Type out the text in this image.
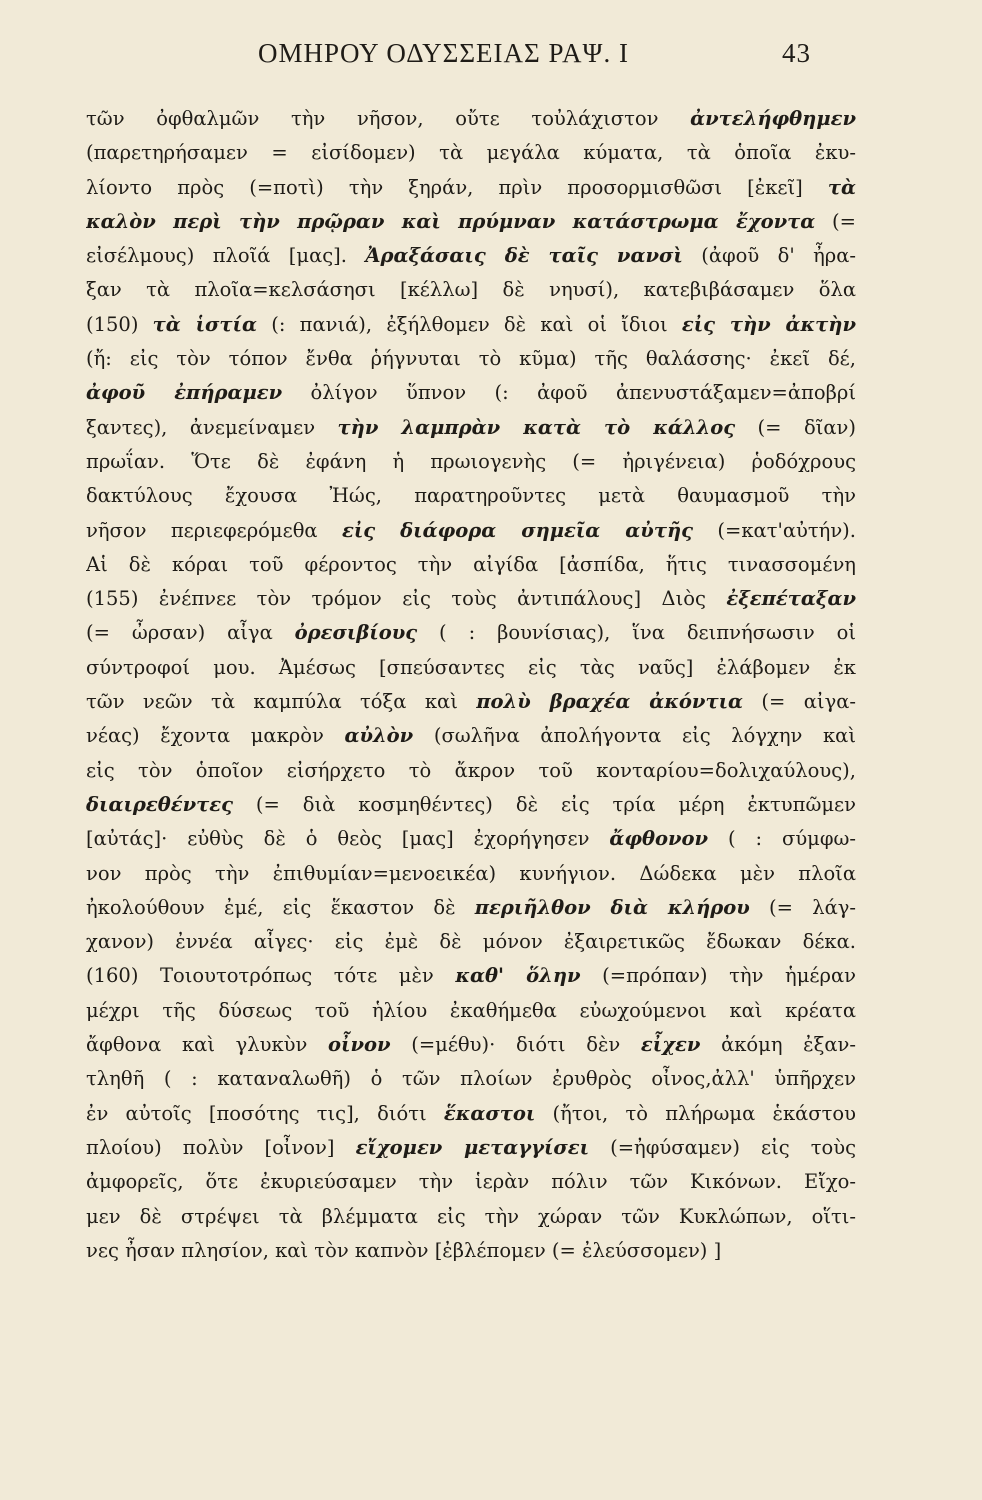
ΟΜΗΡΟΥ ΟΔΥΣΣΕΙΑΣ ΡΑΨ. Ι	43
τῶν ὀφθαλμῶν τὴν νῆσον, οὔτε τοὐλάχιστον ἀντελήφθημεν
(παρετηρήσαμεν = εἰσίδομεν) τὰ μεγάλα κύματα, τὰ ὁποῖα ἐκυ-
λίοντο πρὸς (=ποτὶ) τὴν ξηράν, πρὶν προσορμισθῶσι [ἐκεῖ] τὰ
καλὸν περὶ τὴν πρῷραν καὶ πρύμναν κατάστρωμα ἔχοντα (=
εἰσέλμους) πλοῖά [μας]. Ἀραξάσαις δὲ ταῖς νανσὶ (ἀφοῦ δ' ἦρα-
ξαν τὰ πλοῖα=κελσάσησι [κέλλω] δὲ νηυσί), κατεβιβάσαμεν ὅλα
(150) τὰ ἱστία (: πανιά), ἐξήλθομεν δὲ καὶ οἱ ἴδιοι εἰς τὴν ἀκτὴν
(ἤ: εἰς τὸν τόπον ἔνθα ῥήγνυται τὸ κῦμα) τῆς θαλάσσης· ἐκεῖ δέ,
ἀφοῦ ἐπήραμεν ὀλίγον ὕπνον (: ἀφοῦ ἀπενυστάξαμεν=ἀποβρί
ξαντες), ἀνεμείναμεν τὴν λαμπρὰν κατὰ τὸ κάλλος (= δῖαν)
πρωΐαν. Ὅτε δὲ ἐφάνη ἡ πρωιογενὴς (= ἠριγένεια) ῥοδόχρους
δακτύλους ἔχουσα Ἠώς, παρατηροῦντες μετὰ θαυμασμοῦ τὴν
νῆσον περιεφερόμεθα εἰς διάφορα σημεῖα αὐτῆς (=κατ'αὐτήν).
Αἱ δὲ κόραι τοῦ φέροντος τὴν αἰγίδα [ἀσπίδα, ἥτις τινασσομένη
(155) ἐνέπνεε τὸν τρόμον εἰς τοὺς ἀντιπάλους] Διὸς ἐξεπέταξαν
(= ὦρσαν) αἶγα ὀρεσιβίους ( : βουνίσιας), ἵνα δειπνήσωσιν οἱ
σύντροφοί μου. Ἀμέσως [σπεύσαντες εἰς τὰς ναῦς] ἐλάβομεν ἐκ
τῶν νεῶν τὰ καμπύλα τόξα καὶ πολὺ βραχέα ἀκόντια (= αἰγα-
νέας) ἔχοντα μακρὸν αὐλὸν (σωλῆνα ἀπολήγοντα εἰς λόγχην καὶ
εἰς τὸν ὁποῖον εἰσήρχετο τὸ ἄκρον τοῦ κονταρίου=δολιχαύλους),
διαιρεθέντες (= διὰ κοσμηθέντες) δὲ εἰς τρία μέρη ἐκτυπῶμεν
[αὐτάς]· εὐθὺς δὲ ὁ θεὸς [μας] ἐχορήγησεν ἄφθονον ( : σύμφω-
νον πρὸς τὴν ἐπιθυμίαν=μενοεικέα) κυνήγιον. Δώδεκα μὲν πλοῖα
ἠκολούθουν ἐμέ, εἰς ἕκαστον δὲ περιῆλθον διὰ κλήρου (= λάγ-
χανον) ἐννέα αἶγες· εἰς ἐμὲ δὲ μόνον ἐξαιρετικῶς ἔδωκαν δέκα.
(160) Τοιουτοτρόπως τότε μὲν καθ' ὅλην (=πρόπαν) τὴν ἡμέραν
μέχρι τῆς δύσεως τοῦ ἡλίου ἐκαθήμεθα εὐωχούμενοι καὶ κρέατα
ἄφθονα καὶ γλυκὺν οἶνον (=μέθυ)· διότι δὲν εἶχεν ἀκόμη ἐξαν-
τληθῆ ( : καταναλωθῆ) ὁ τῶν πλοίων ἐρυθρὸς οἶνος,ἀλλ' ὑπῆρχεν
ἐν αὐτοῖς [ποσότης τις], διότι ἕκαστοι (ἤτοι, τὸ πλήρωμα ἑκάστου
πλοίου) πολὺν [οἶνον] εἴχομεν μεταγγίσει (=ἠφύσαμεν) εἰς τοὺς
ἀμφορεῖς, ὅτε ἐκυριεύσαμεν τὴν ἱερὰν πόλιν τῶν Κικόνων. Εἴχο-
μεν δὲ στρέψει τὰ βλέμματα εἰς τὴν χώραν τῶν Κυκλώπων, οἵτι-
νες ἦσαν πλησίον, καὶ τὸν καπνὸν [ἐβλέπομεν (= ἐλεύσσομεν) ]
